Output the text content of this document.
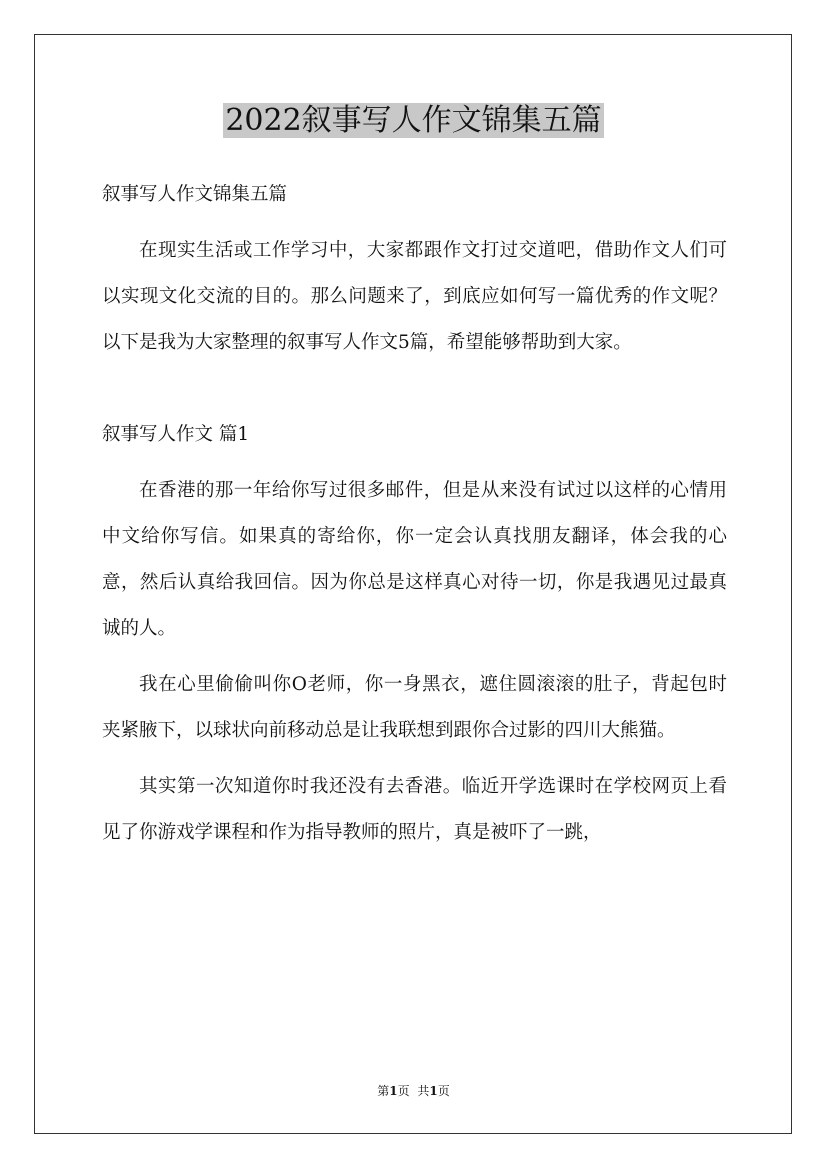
2022叙事写人作文锦集五篇

叙事写人作文锦集五篇

在现实生活或工作学习中，大家都跟作文打过交道吧，借助作文人们可以实现文化交流的目的。那么问题来了，到底应如何写一篇优秀的作文呢？以下是我为大家整理的叙事写人作文5篇，希望能够帮助到大家。

叙事写人作文 篇1

在香港的那一年给你写过很多邮件，但是从来没有试过以这样的心情用中文给你写信。如果真的寄给你，你一定会认真找朋友翻译，体会我的心意，然后认真给我回信。因为你总是这样真心对待一切，你是我遇见过最真诚的人。

我在心里偷偷叫你O老师，你一身黑衣，遮住圆滚滚的肚子，背起包时夹紧腋下，以球状向前移动总是让我联想到跟你合过影的四川大熊猫。

其实第一次知道你时我还没有去香港。临近开学选课时在学校网页上看见了你游戏学课程和作为指导教师的照片，真是被吓了一跳，

第1页 共1页
